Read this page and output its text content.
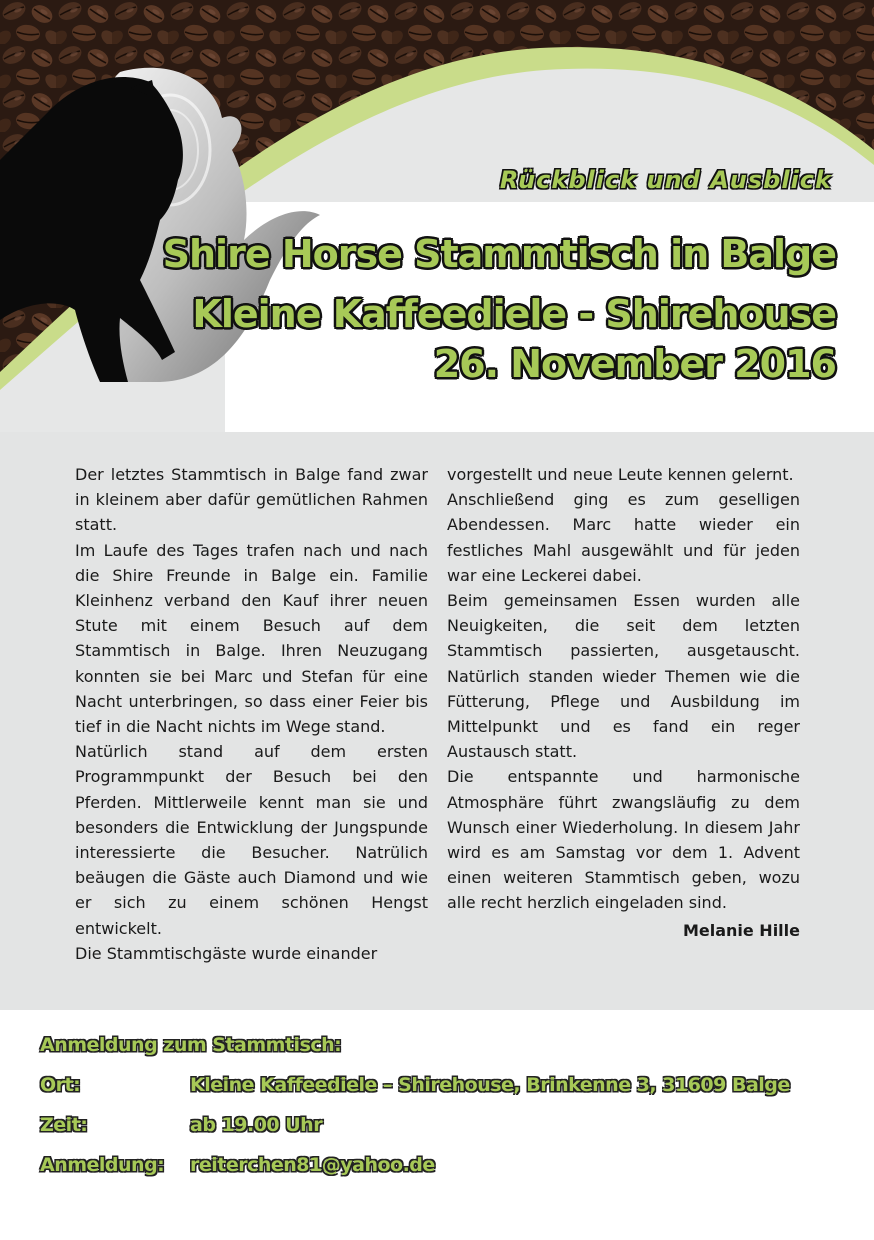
Rückblick und Ausblick
Shire Horse Stammtisch in Balge
Kleine Kaffeediele - Shirehouse
26. November 2016

Der letztes Stammtisch in Balge fand zwar in kleinem aber dafür gemütlichen Rahmen statt.

Im Laufe des Tages trafen nach und nach die Shire Freunde in Balge ein. Familie Kleinhenz verband den Kauf ihrer neuen Stute mit einem Besuch auf dem Stammtisch in Balge. Ihren Neuzugang konnten sie bei Marc und Stefan für eine Nacht unterbringen, so dass einer Feier bis tief in die Nacht nichts im Wege stand.

Natürlich stand auf dem ersten Programmpunkt der Besuch bei den Pferden. Mittlerweile kennt man sie und besonders die Entwicklung der Jungspunde interessierte die Besucher. Natrülich beäugen die Gäste auch Diamond und wie er sich zu einem schönen Hengst entwickelt.

Die Stammtischgäste wurde einander

vorgestellt und neue Leute kennen gelernt.

Anschließend ging es zum geselligen Abendessen. Marc hatte wieder ein festliches Mahl ausgewählt und für jeden war eine Leckerei dabei.

Beim gemeinsamen Essen wurden alle Neuigkeiten, die seit dem letzten Stammtisch passierten, ausgetauscht. Natürlich standen wieder Themen wie die Fütterung, Pflege und Ausbildung im Mittelpunkt und es fand ein reger Austausch statt.

Die entspannte und harmonische Atmosphäre führt zwangsläufig zu dem Wunsch einer Wiederholung. In diesem Jahr wird es am Samstag vor dem 1. Advent einen weiteren Stammtisch geben, wozu alle recht herzlich eingeladen sind.

Melanie Hille
Anmeldung zum Stammtisch:
Ort:	Kleine Kaffeediele – Shirehouse, Brinkenne 3, 31609 Balge
Zeit:	ab 19.00 Uhr
Anmeldung: reiterchen81@yahoo.de
